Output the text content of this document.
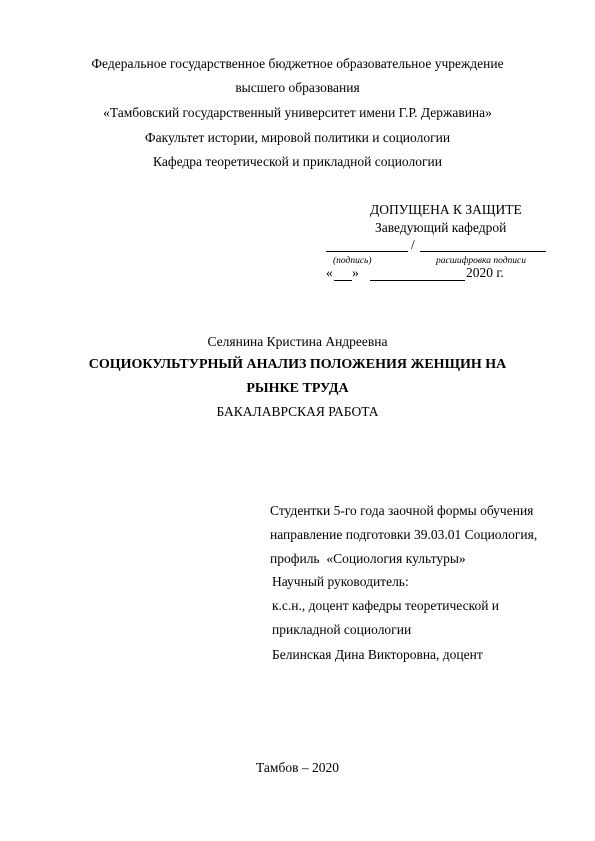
Федеральное государственное бюджетное образовательное учреждение
высшего образования
«Тамбовский государственный университет имени Г.Р. Державина»
Факультет истории, мировой политики и социологии
Кафедра теоретической и прикладной социологии
ДОПУЩЕНА К ЗАЩИТЕ
Заведующий кафедрой
/
(подпись)	расшифровка подписи
« »	2020 г.
Селянина Кристина Андреевна
СОЦИОКУЛЬТУРНЫЙ АНАЛИЗ ПОЛОЖЕНИЯ ЖЕНЩИН НА
РЫНКЕ ТРУДА
БАКАЛАВРСКАЯ РАБОТА
Студентки 5-го года заочной формы обучения
направление подготовки 39.03.01 Социология,
профиль  «Социология культуры»
Научный руководитель:
к.с.н., доцент кафедры теоретической и
прикладной социологии
Белинская Дина Викторовна, доцент
Тамбов – 2020
